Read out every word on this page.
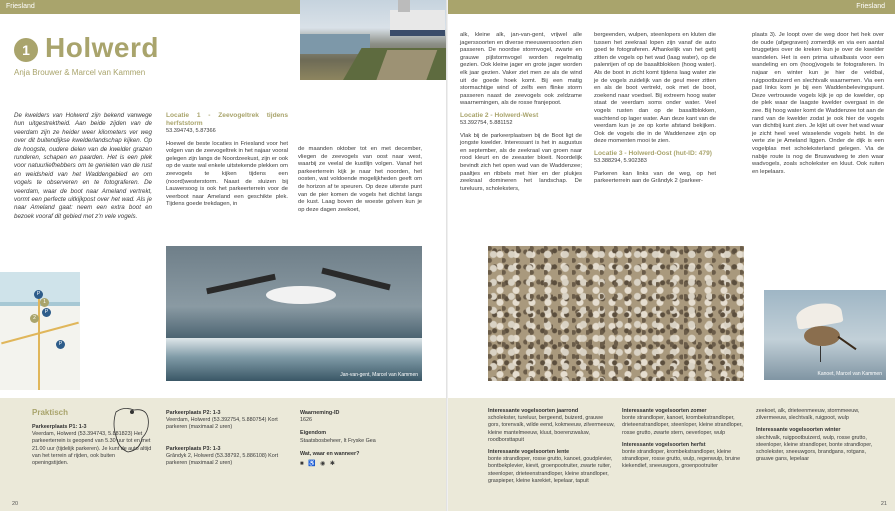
Friesland
1 Holwerd
Anja Brouwer & Marcel van Kammen
De kwelders van Holwerd zijn bekend vanwege hun uitgestrektheid. Aan beide zijden van de veerdam zijn ze heider weer kilometers ver weg over dit buitendijkse kwelderlandschap kijken. Op de hoogste, oudere delen van de kwelder grazen runderen, schapen en paarden. Het is een plek voor natuurliefhebbers om te genieten van de rust en weidsheid van het Waddengebied en om vogels te observeren en te fotograferen. De veerdam, waar de boot naar Ameland vertrekt, vormt een perfecte uitkijkpost over het wad. Als je naar Ameland gaat: neem een extra boot en bezoek vooraf dit gebied met z'n vele vogels.
Locatie 1 - Zeevogeltrek tijdens herfststorm
53.394743, 5.87366

Hoewel de beste locaties in Friesland voor het volgen van de zeevogeltrek in het najaar vooral gelegen zijn langs de Noordzeekust, zijn er ook op de vaste wal enkele uitstekende plekken om zeevogels te kijken tijdens een (noord)westerstorm. Naast de sluizen bij Lauwersoog is ook het parkeerterrein voor de veerboot naar Ameland een geschikte plek. Tijdens goede trekdagen, in

de maanden oktober tot en met december, vliegen de zeevogels van oost naar west, waarbij ze veelal de kustlijn volgen. Vanaf het parkeerterrein kijk je naar het noorden, het oosten, wat voldoende mogelijkheden geeft om de horizon af te speuren. Op deze uiterste punt van de pier komen de vogels het dichtst langs de kust. Laag boven de woeste golven kun je op deze dagen zeekoet,

P
1
P
2
P
Jan-van-gent, Marcel van Kammen
Praktisch
Parkeerplaats P1: 1-3
Veerdam, Holwerd (53.394743, 5.881823) Het parkeerterrein is geopend van 5.30 uur tot en met 21.00 uur (tijdelijk parkeren). Je kunt de auto altijd van het terrein af rijden, ook buiten openingstijden.
Parkeerplaats P2: 1-3
Veerdam, Holwerd (53.392754, 5.880754) Kort parkeren (maximaal 2 uren)
Parkeerplaats P3: 1-3
Grândyk 2, Holwerd (53.38792, 5.886108) Kort parkeren (maximaal 2 uren)
Waarneming-ID
1626
Eigendom
Staatsbosbeheer, It Fryske Gea
Wat, waar en wanneer?
■ ♿ ◉ ✱
20
Friesland

alk, kleine alk, jan-van-gent, vrijwel alle jagerssoorten en diverse meeuwensoorten zien passeren. De noordse stormvogel, zwarte en grauwe pijlstormvogel worden regelmatig gezien. Ook kleine jager en grote jager worden elk jaar gezien. Vaker ziet men ze als de wind uit de goede hoek komt. Bij een matig stormachtige wind of zelfs een flinke storm passeren naast de zeevogels ook zeldzame waarnemingen, als de rosse franjepoot.

Locatie 2 - Holwerd-West
53.392754, 5.881152

Vlak bij de parkeerplaatsen bij de Boot ligt de jongste kwelder. Interessant is het in augustus en september, als de zeekraal van groen naar rood kleurt en de zeeaster bloeit. Noordelijk bevindt zich het open wad van de Waddenzee; paaltjes en ribbels met hier en der plukjes zeekraal domineren het landschap. De tureluurs, scholeksters,

bergeenden, wulpen, steenlopers en kluten die tussen het zeekraal lopen zijn vanaf de auto goed te fotograferen. Afhankelijk van het getij zitten de vogels op het wad (laag water), op de palenrijen of op de basaltblokken (hoog water). Als de boot in zicht komt tijdens laag water zie je de vogels zuidelijk van de geul meer zitten en als de boot vertrekt, ook met de boot, zoekend naar voedsel. Bij extreem hoog water staat de veerdam soms onder water. Veel vogels rusten dan op de basaltblokken, wachtend op lager water. Aan deze kant van de veerdam kun je ze op korte afstand bekijken. Ook de vogels die in de Waddenzee zijn op deze momenten mooi te zien.

Locatie 3 - Holwerd-Oost (hut-ID: 479)
53.388294, 5.902383

Parkeren kan links van de weg, op het parkeerterrein aan de Grândyk 2 (parkeer-

plaats 3). Je loopt over de weg door het hek over de oude (afgegraven) zomerdijk en via een aantal bruggetjes over de kreken kun je over de kwelder wandelen. Het is een prima uitvalbasis voor een wandeling en om (hoog)vogels te fotograferen. In najaar en winter kun je hier de veldbal, ruigpootbuizerd en slechtvalk waarnemen. Via een pad links kom je bij een Waddenbelevingspunt. Deze vertrouwde vogels kijk je op de kwelder, op de plek waar de laagste kwelder overgaat in de zee. Bij hoog water komt de Waddenzee tot aan de rand van de kwelder zodat je ook hier de vogels van dichtbij kunt zien. Je kijkt uit over het wad waar je zicht heel veel wisselende vogels hebt. In de verte zie je Ameland liggen. Onder de dijk is een vogelplas met scholeksterland gelegen. Via de nabije route is nog de Bruswadweg te zien waar wadvogels, zoals scholekster en kluut. Ook ruiten en lepelaars.

Kanoet, Marcel van Kammen
Interessante vogelsoorten jaarrond
scholekster, tureluur, bergeend, buizerd, grauwe gors, torenvalk, wilde eend, kokmeeuw, zilvermeeuw, kleine mantelmeeuw, kluut, boerenzwaluw, roodborsttapuit
Interessante vogelsoorten lente
bonte strandloper, rosse grutto, kanoet, goudplevier, bontbekplevier, kievit, groenpootruiter, zwarte ruiter, steenloper, drieteenstrandloper, kleine strandloper, graspieper, kleine karekiet, lepelaar, tapuit
Interessante vogelsoorten zomer
bonte strandloper, kanoet, krombekstrandloper, drieteenstrandloper, steenloper, kleine strandloper, rosse grutto, zwarte stern, oeverloper, wulp
Interessante vogelsoorten herfst
bonte strandloper, krombekstrandloper, kleine strandloper, rosse grutto, wulp, regenwulp, bruine kiekendief, sneeuwgors, groenpootruiter
zeekoet, alk, drieteenmeeuw, stormmeeuw, zilvermeeuw, slechtvalk, ruigpoot, wulp
Interessante vogelsoorten winter
slechtvalk, ruigpootbuizerd, wulp, rosse grutto, steenloper, kleine strandloper, bonte strandloper, scholekster, sneeuwgors, brandgans, rotgans, grauwe gans, lepelaar
21
